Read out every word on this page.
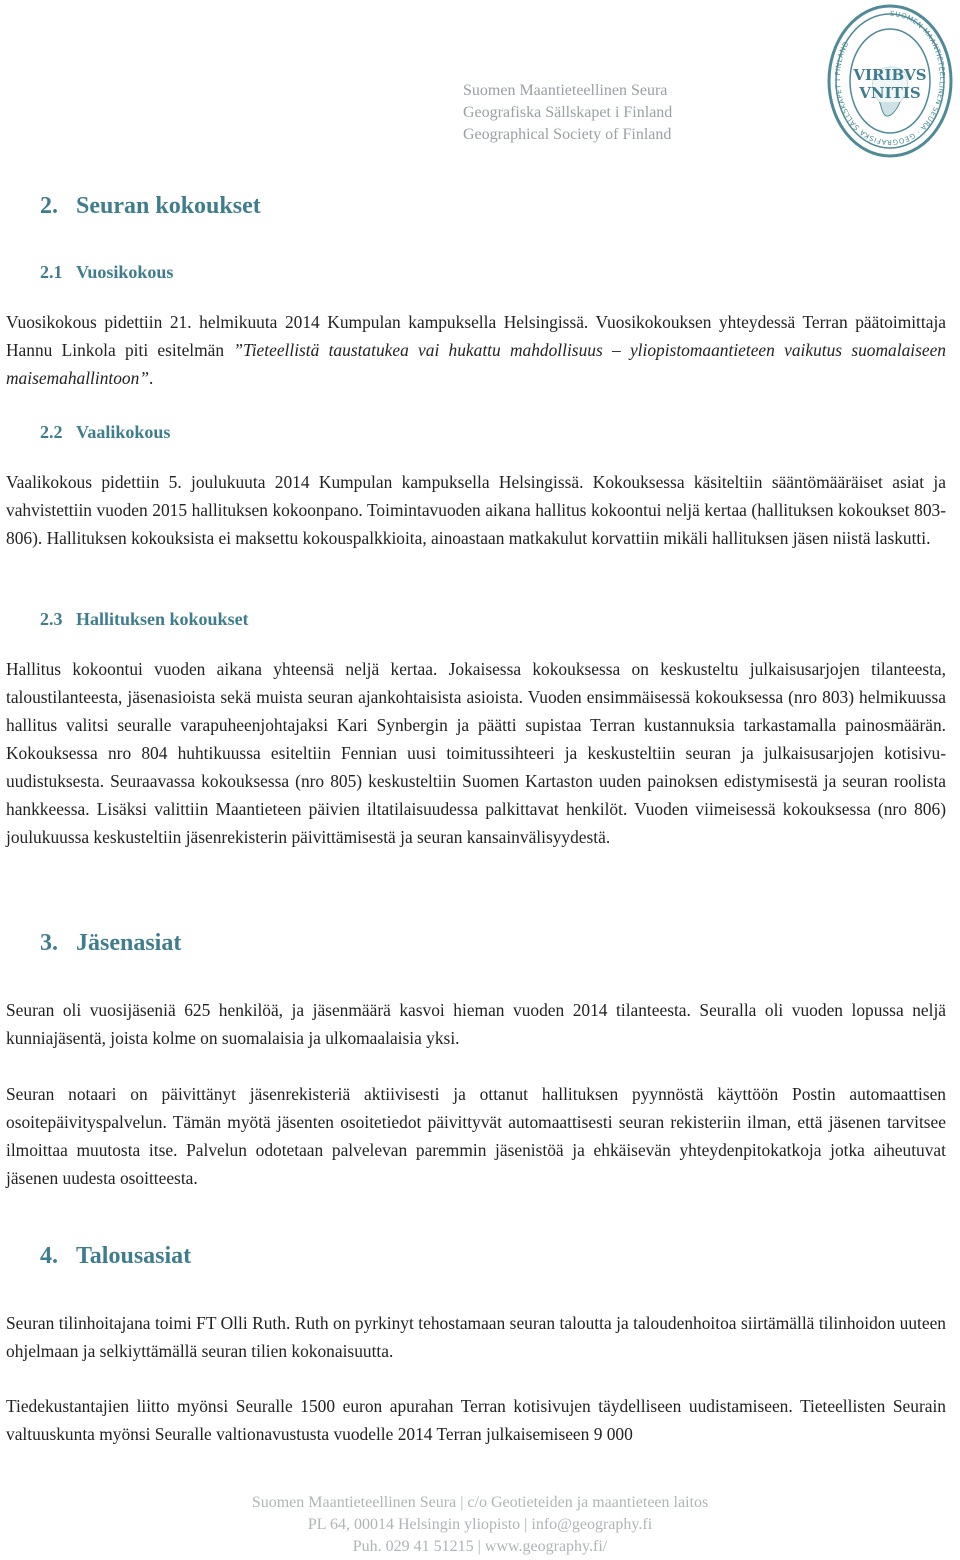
Suomen Maantieteellinen Seura
Geografiska Sällskapet i Finland
Geographical Society of Finland
SUOMEN MAANTIETEELLINEN SEURA · GEOGRAFISKA SÄLLSKAPET I FINLAND
VIRIBVS
VNITIS
2. Seuran kokoukset
2.1 Vuosikokous
Vuosikokous pidettiin 21. helmikuuta 2014 Kumpulan kampuksella Helsingissä. Vuosikokouksen yhteydessä Terran päätoimittaja Hannu Linkola piti esitelmän ”Tieteellistä taustatukea vai hukattu mahdollisuus – yliopistomaantieteen vaikutus suomalaiseen maisemahallintoon”.
2.2 Vaalikokous
Vaalikokous pidettiin 5. joulukuuta 2014 Kumpulan kampuksella Helsingissä. Kokouksessa käsiteltiin sääntömääräiset asiat ja vahvistettiin vuoden 2015 hallituksen kokoonpano. Toimintavuoden aikana hallitus kokoontui neljä kertaa (hallituksen kokoukset 803-806). Hallituksen kokouksista ei maksettu kokouspalkkioita, ainoastaan matkakulut korvattiin mikäli hallituksen jäsen niistä laskutti.
2.3 Hallituksen kokoukset
Hallitus kokoontui vuoden aikana yhteensä neljä kertaa. Jokaisessa kokouksessa on keskusteltu julkaisusarjojen tilanteesta, taloustilanteesta, jäsenasioista sekä muista seuran ajankohtaisista asioista. Vuoden ensimmäisessä kokouksessa (nro 803) helmikuussa hallitus valitsi seuralle varapuheenjohtajaksi Kari Synbergin ja päätti supistaa Terran kustannuksia tarkastamalla painosmäärän. Kokouksessa nro 804 huhtikuussa esiteltiin Fennian uusi toimitussihteeri ja keskusteltiin seuran ja julkaisusarjojen kotisivu-uudistuksesta. Seuraavassa kokouksessa (nro 805) keskusteltiin Suomen Kartaston uuden painoksen edistymisestä ja seuran roolista hankkeessa. Lisäksi valittiin Maantieteen päivien iltatilaisuudessa palkittavat henkilöt. Vuoden viimeisessä kokouksessa (nro 806) joulukuussa keskusteltiin jäsenrekisterin päivittämisestä ja seuran kansainvälisyydestä.
3. Jäsenasiat
Seuran oli vuosijäseniä 625 henkilöä, ja jäsenmäärä kasvoi hieman vuoden 2014 tilanteesta. Seuralla oli vuoden lopussa neljä kunniajäsentä, joista kolme on suomalaisia ja ulkomaalaisia yksi.
Seuran notaari on päivittänyt jäsenrekisteriä aktiivisesti ja ottanut hallituksen pyynnöstä käyttöön Postin automaattisen osoitepäivityspalvelun. Tämän myötä jäsenten osoitetiedot päivittyvät automaattisesti seuran rekisteriin ilman, että jäsenen tarvitsee ilmoittaa muutosta itse. Palvelun odotetaan palvelevan paremmin jäsenistöä ja ehkäisevän yhteydenpitokatkoja jotka aiheutuvat jäsenen uudesta osoitteesta.
4. Talousasiat
Seuran tilinhoitajana toimi FT Olli Ruth. Ruth on pyrkinyt tehostamaan seuran taloutta ja taloudenhoitoa siirtämällä tilinhoidon uuteen ohjelmaan ja selkiyttämällä seuran tilien kokonaisuutta.
Tiedekustantajien liitto myönsi Seuralle 1500 euron apurahan Terran kotisivujen täydelliseen uudistamiseen. Tieteellisten Seurain valtuuskunta myönsi Seuralle valtionavustusta vuodelle 2014 Terran julkaisemiseen 9 000
Suomen Maantieteellinen Seura | c/o Geotieteiden ja maantieteen laitos
PL 64, 00014 Helsingin yliopisto | info@geography.fi
Puh. 029 41 51215 | www.geography.fi/
